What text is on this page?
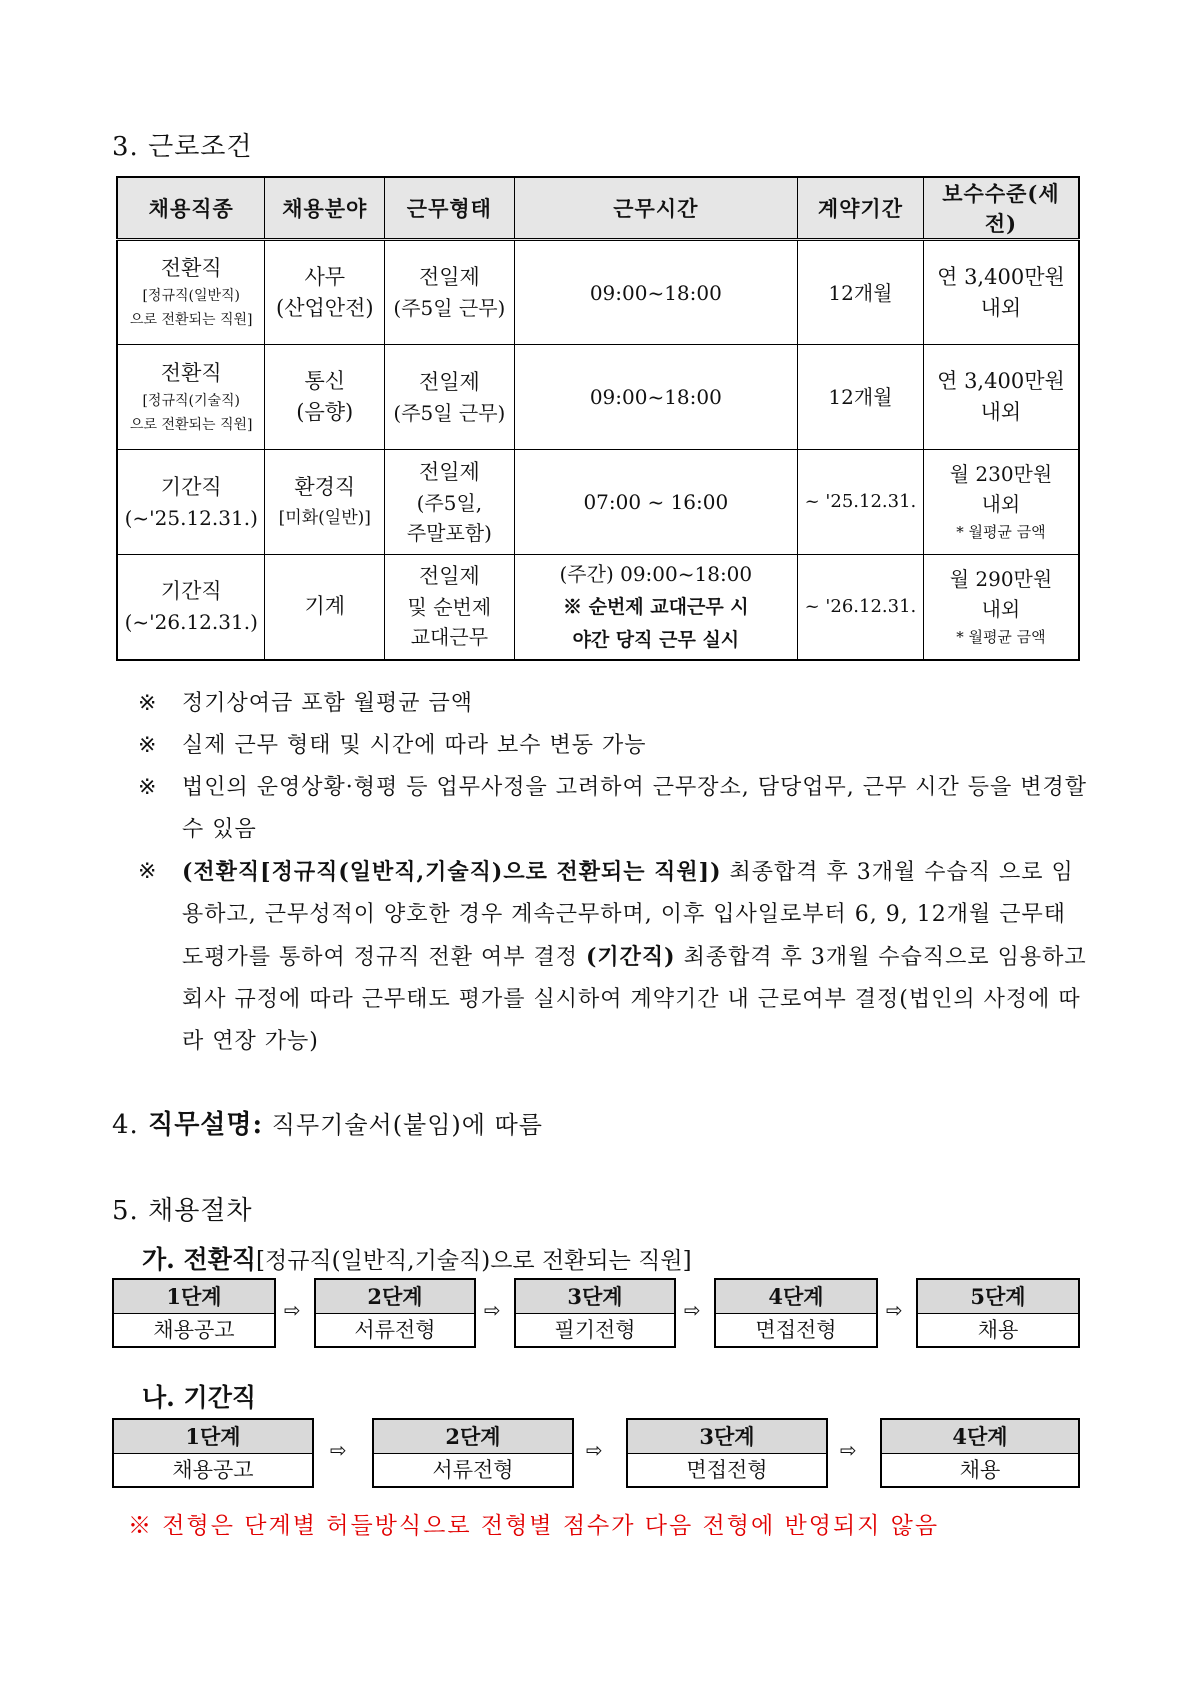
3. 근로조건
채용직종	채용분야	근무형태	근무시간	계약기간	보수수준(세전)

전환직
[정규직(일반직)
으로 전환되는 직원]	사무
(산업안전)	전일제
(주5일 근무)	09:00~18:00	12개월	연 3,400만원
내외

전환직
[정규직(기술직)
으로 전환되는 직원]	통신
(음향)	전일제
(주5일 근무)	09:00~18:00	12개월	연 3,400만원
내외

기간직
(~'25.12.31.)	환경직
[미화(일반)]	전일제
(주5일,
주말포함)	07:00 ~ 16:00	~ '25.12.31.	월 230만원
내외
* 월평균 금액

기간직
(~'26.12.31.)	기계	전일제
및 순번제
교대근무	(주간) 09:00~18:00
※ 순번제 교대근무 시
야간 당직 근무 실시	~ '26.12.31.	월 290만원
내외
* 월평균 금액
※ 정기상여금 포함 월평균 금액
※ 실제 근무 형태 및 시간에 따라 보수 변동 가능
※ 법인의 운영상황·형평 등 업무사정을 고려하여 근무장소, 담당업무, 근무 시간 등을 변경할 수 있음
※ (전환직[정규직(일반직,기술직)으로 전환되는 직원]) 최종합격 후 3개월 수습직 으로 임용하고, 근무성적이 양호한 경우 계속근무하며, 이후 입사일로부터 6, 9, 12개월 근무태도평가를 통하여 정규직 전환 여부 결정 (기간직) 최종합격 후 3개월 수습직으로 임용하고 회사 규정에 따라 근무태도 평가를 실시하여 계약기간 내 근로여부 결정(법인의 사정에 따라 연장 가능)
4. 직무설명: 직무기술서(붙임)에 따름
5. 채용절차
가. 전환직[정규직(일반직,기술직)으로 전환되는 직원]
1단계
채용공고
⇨
2단계
서류전형
⇨
3단계
필기전형
⇨
4단계
면접전형
⇨
5단계
채용
나. 기간직
1단계
채용공고
⇨
2단계
서류전형
⇨
3단계
면접전형
⇨
4단계
채용
※ 전형은 단계별 허들방식으로 전형별 점수가 다음 전형에 반영되지 않음
